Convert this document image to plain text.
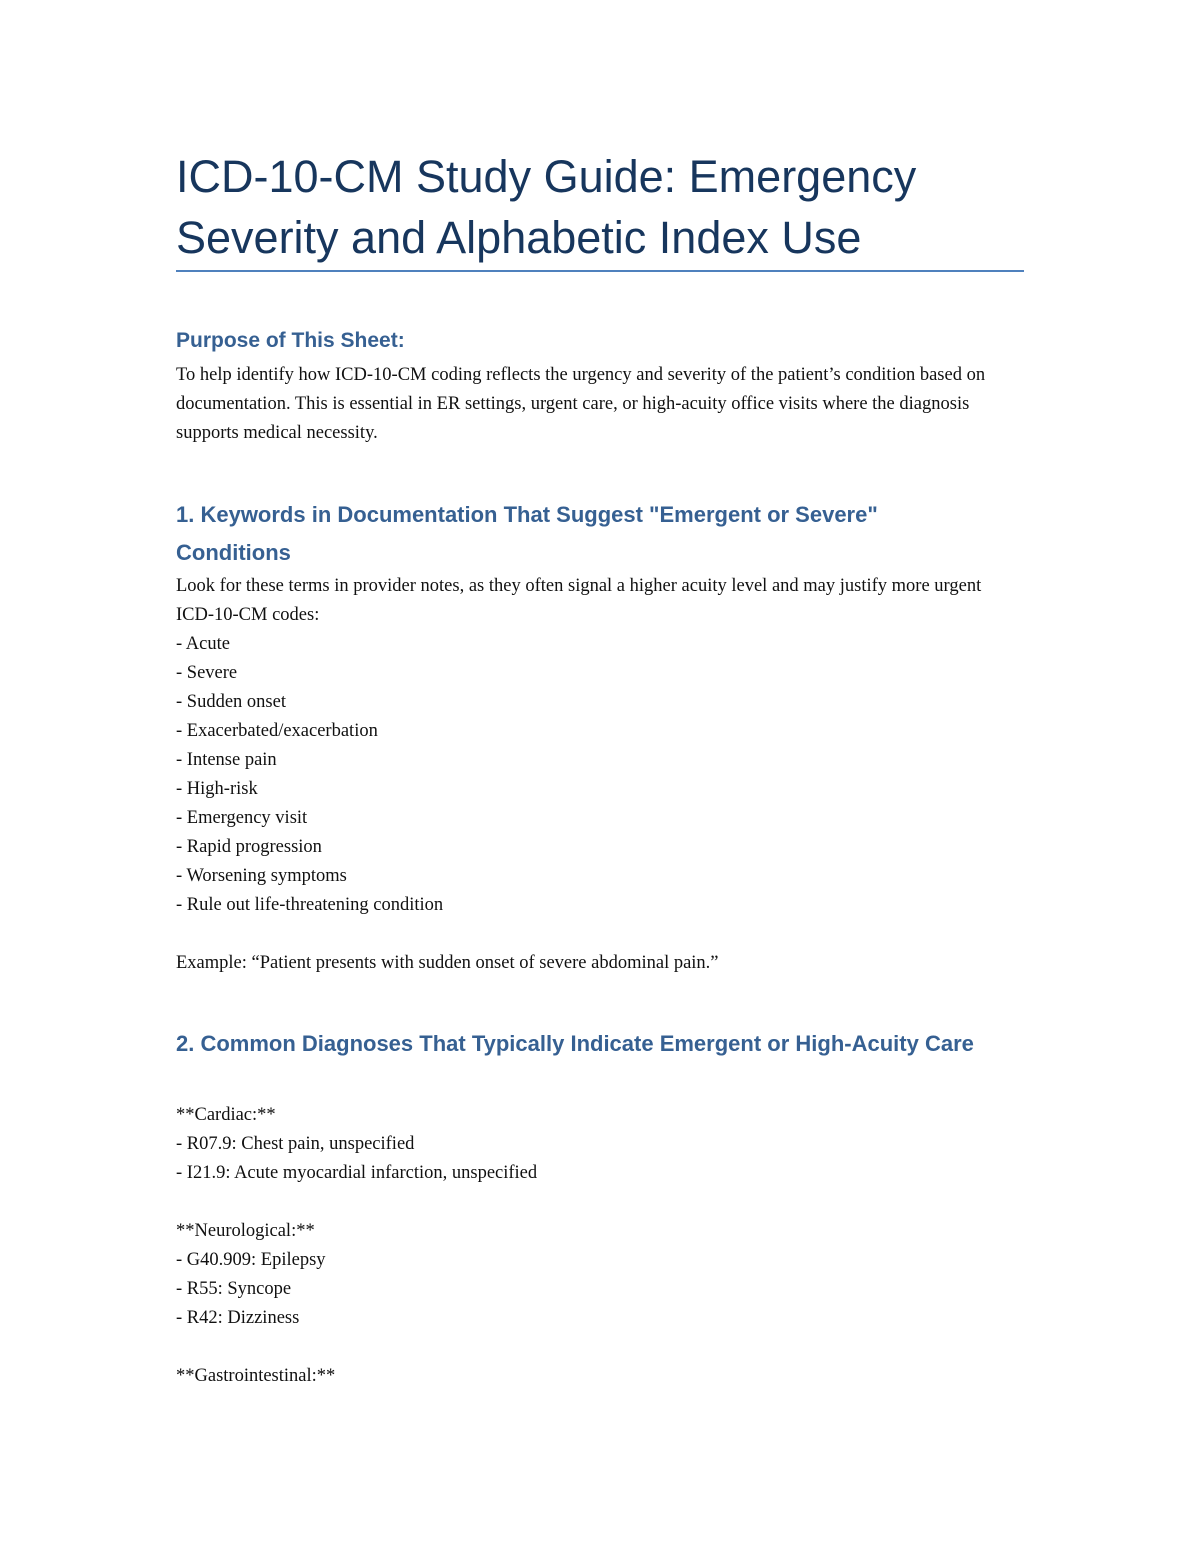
ICD-10-CM Study Guide: Emergency Severity and Alphabetic Index Use
Purpose of This Sheet:

To help identify how ICD-10-CM coding reflects the urgency and severity of the patient’s condition based on documentation. This is essential in ER settings, urgent care, or high-acuity office visits where the diagnosis supports medical necessity.

1. Keywords in Documentation That Suggest "Emergent or Severe" Conditions

Look for these terms in provider notes, as they often signal a higher acuity level and may justify more urgent ICD-10-CM codes:

- Acute
- Severe
- Sudden onset
- Exacerbated/exacerbation
- Intense pain
- High-risk
- Emergency visit
- Rapid progression
- Worsening symptoms
- Rule out life-threatening condition

Example: “Patient presents with sudden onset of severe abdominal pain.”

2. Common Diagnoses That Typically Indicate Emergent or High-Acuity Care

**Cardiac:**

- R07.9: Chest pain, unspecified
- I21.9: Acute myocardial infarction, unspecified

**Neurological:**

- G40.909: Epilepsy
- R55: Syncope
- R42: Dizziness

**Gastrointestinal:**
